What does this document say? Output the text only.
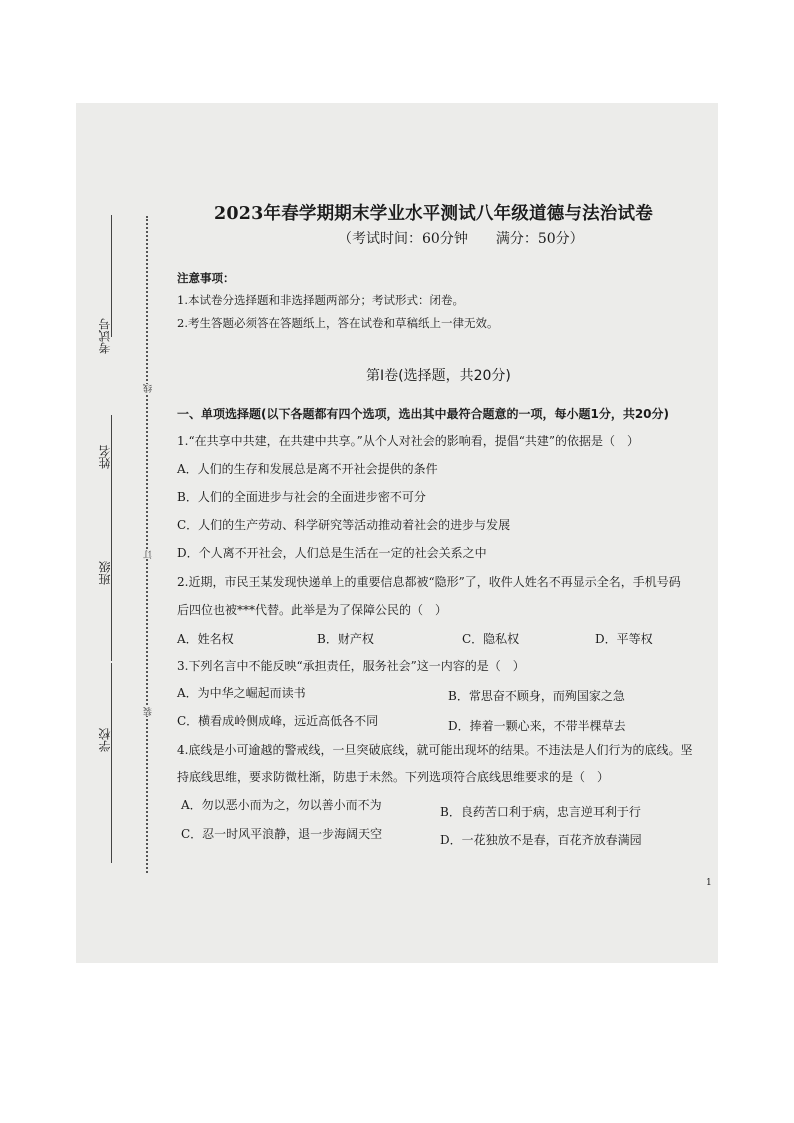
考试号
姓名
班级
学校
线
订
装
2023年春学期期末学业水平测试八年级道德与法治试卷
（考试时间：60分钟　　满分：50分）
注意事项：
1.本试卷分选择题和非选择题两部分；考试形式：闭卷。
2.考生答题必须答在答题纸上，答在试卷和草稿纸上一律无效。
第Ⅰ卷(选择题，共20分)
一、单项选择题(以下各题都有四个选项，选出其中最符合题意的一项，每小题1分，共20分)
1.“在共享中共建，在共建中共享。”从个人对社会的影响看，提倡“共建”的依据是（　）
A．人们的生存和发展总是离不开社会提供的条件
B．人们的全面进步与社会的全面进步密不可分
C．人们的生产劳动、科学研究等活动推动着社会的进步与发展
D．个人离不开社会，人们总是生活在一定的社会关系之中
2.近期，市民王某发现快递单上的重要信息都被“隐形”了，收件人姓名不再显示全名，手机号码
后四位也被***代替。此举是为了保障公民的（　）
A．姓名权	B．财产权	C．隐私权	D．平等权
3.下列名言中不能反映“承担责任，服务社会”这一内容的是（　）
A．为中华之崛起而读书	B．常思奋不顾身，而殉国家之急
C．横看成岭侧成峰，远近高低各不同	D．捧着一颗心来，不带半棵草去
4.底线是小可逾越的警戒线，一旦突破底线，就可能出现坏的结果。不违法是人们行为的底线。坚
持底线思维，要求防微杜渐，防患于未然。下列选项符合底线思维要求的是（　）
A．勿以恶小而为之，勿以善小而不为	B．良药苦口利于病，忠言逆耳利于行
C．忍一时风平浪静，退一步海阔天空	D．一花独放不是春，百花齐放春满园
1
